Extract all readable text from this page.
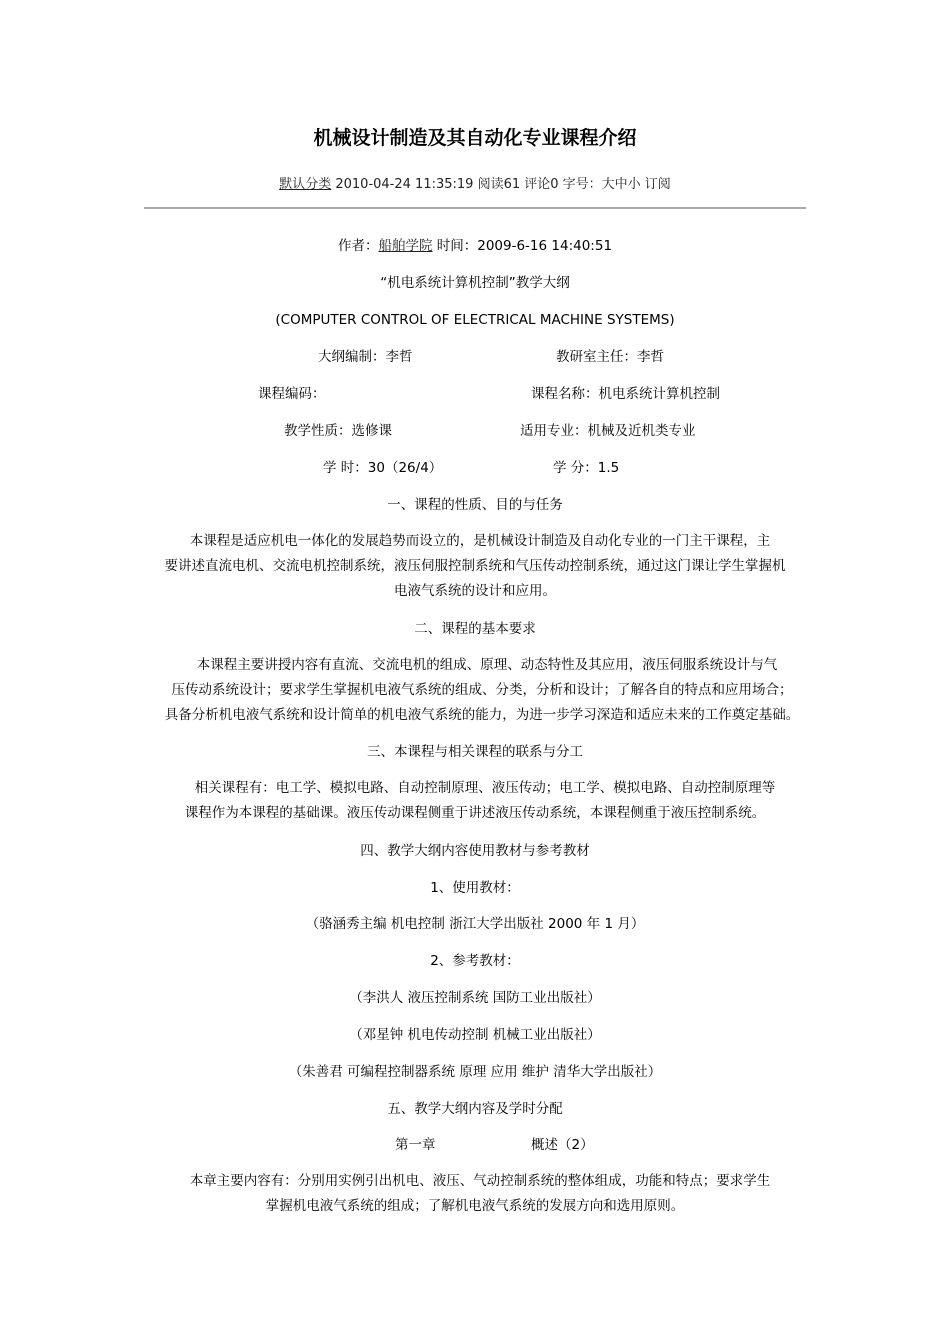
机械设计制造及其自动化专业课程介绍
默认分类 2010-04-24 11:35:19 阅读61 评论0 字号：大中小 订阅
作者：船舶学院 时间：2009-6-16 14:40:51
“机电系统计算机控制”教学大纲
(COMPUTER CONTROL OF ELECTRICAL MACHINE SYSTEMS)
大纲编制：李哲	教研室主任：李哲
课程编码：	课程名称：机电系统计算机控制
教学性质：选修课	适用专业：机械及近机类专业
学 时：30（26/4）	学 分：1.5
一、课程的性质、目的与任务
本课程是适应机电一体化的发展趋势而设立的，是机械设计制造及自动化专业的一门主干课程，主
要讲述直流电机、交流电机控制系统，液压伺服控制系统和气压传动控制系统，通过这门课让学生掌握机
电液气系统的设计和应用。
二、课程的基本要求
本课程主要讲授内容有直流、交流电机的组成、原理、动态特性及其应用，液压伺服系统设计与气
压传动系统设计；要求学生掌握机电液气系统的组成、分类，分析和设计；了解各自的特点和应用场合；
具备分析机电液气系统和设计简单的机电液气系统的能力，为进一步学习深造和适应未来的工作奠定基础。
三、本课程与相关课程的联系与分工
相关课程有：电工学、模拟电路、自动控制原理、液压传动；电工学、模拟电路、自动控制原理等
课程作为本课程的基础课。液压传动课程侧重于讲述液压传动系统，本课程侧重于液压控制系统。
四、教学大纲内容使用教材与参考教材
1、使用教材：
（骆涵秀主编 机电控制 浙江大学出版社 2000 年 1 月）
2、参考教材：
（李洪人 液压控制系统 国防工业出版社）
（邓星钟 机电传动控制 机械工业出版社）
（朱善君 可编程控制器系统 原理 应用 维护 清华大学出版社）
五、教学大纲内容及学时分配
第一章	概述（2）
本章主要内容有：分别用实例引出机电、液压、气动控制系统的整体组成，功能和特点；要求学生
掌握机电液气系统的组成；了解机电液气系统的发展方向和选用原则。
